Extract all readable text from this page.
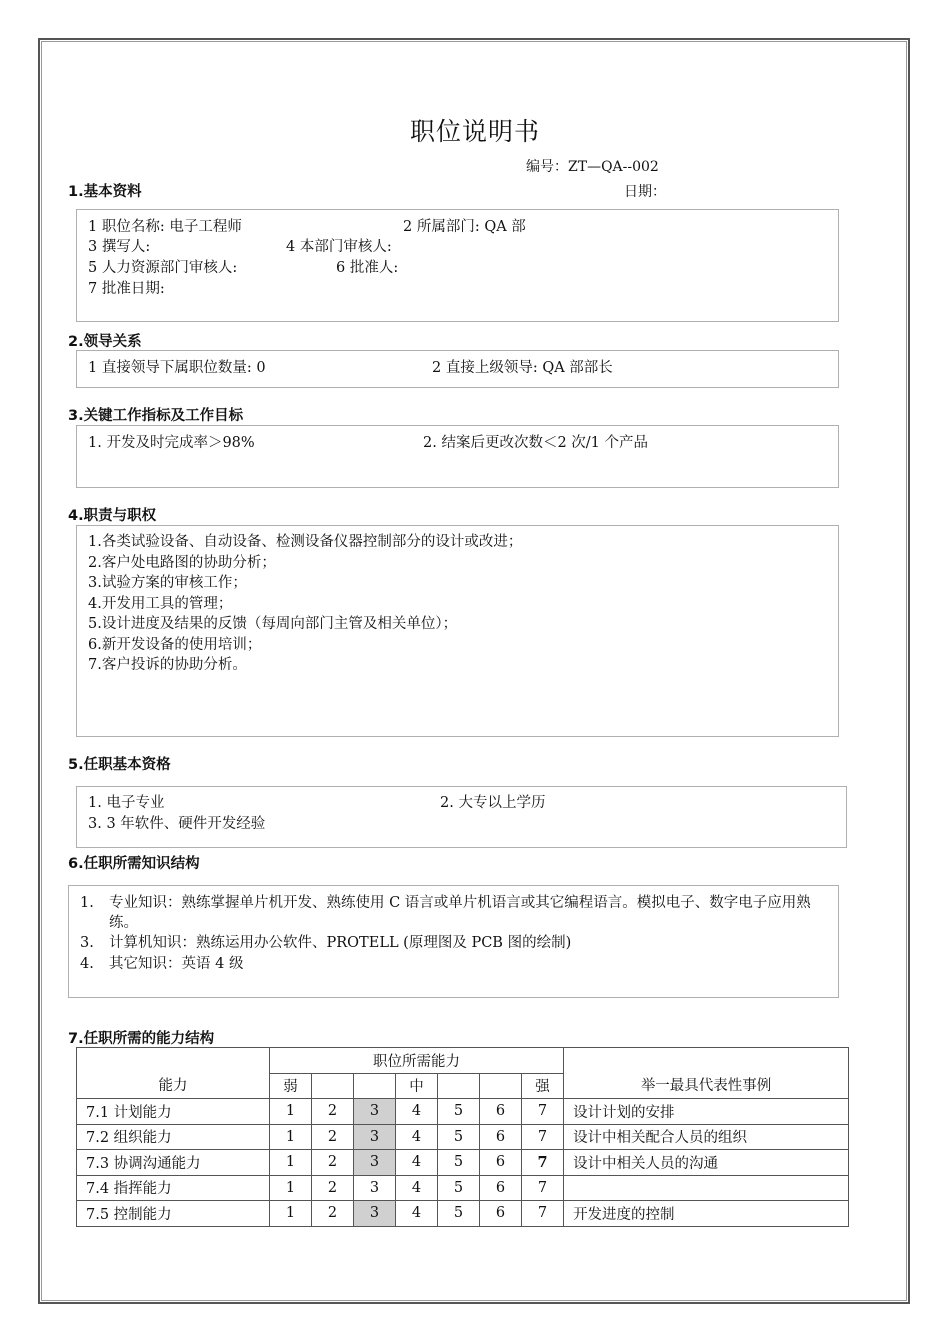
职位说明书
编号：ZT—QA--002
日期：
1.基本资料
1 职位名称: 电子工程师	2 所属部门: QA 部
3 撰写人:	4 本部门审核人:
5 人力资源部门审核人:	6 批准人:
7 批准日期:
2.领导关系
1 直接领导下属职位数量: 0	2 直接上级领导: QA 部部长
3.关键工作指标及工作目标
1. 开发及时完成率＞98%	2. 结案后更改次数＜2 次/1 个产品
4.职责与职权
1.各类试验设备、自动设备、检测设备仪器控制部分的设计或改进；
2.客户处电路图的协助分析；
3.试验方案的审核工作；
4.开发用工具的管理；
5.设计进度及结果的反馈（每周向部门主管及相关单位）；
6.新开发设备的使用培训；
7.客户投诉的协助分析。
5.任职基本资格
1. 电子专业	2. 大专以上学历
3. 3 年软件、硬件开发经验
6.任职所需知识结构
1. 专业知识：熟练掌握单片机开发、熟练使用 C 语言或单片机语言或其它编程语言。模拟电子、数字电子应用熟练。
3. 计算机知识：熟练运用办公软件、PROTELL (原理图及 PCB 图的绘制)
4. 其它知识：英语 4 级
7.任职所需的能力结构
能力	职位所需能力							举一最具代表性事例
	弱			中			强	
7.1 计划能力	1	2	3	4	5	6	7	设计计划的安排
7.2 组织能力	1	2	3	4	5	6	7	设计中相关配合人员的组织
7.3 协调沟通能力	1	2	3	4	5	6	7	设计中相关人员的沟通
7.4 指挥能力	1	2	3	4	5	6	7	
7.5 控制能力	1	2	3	4	5	6	7	开发进度的控制
